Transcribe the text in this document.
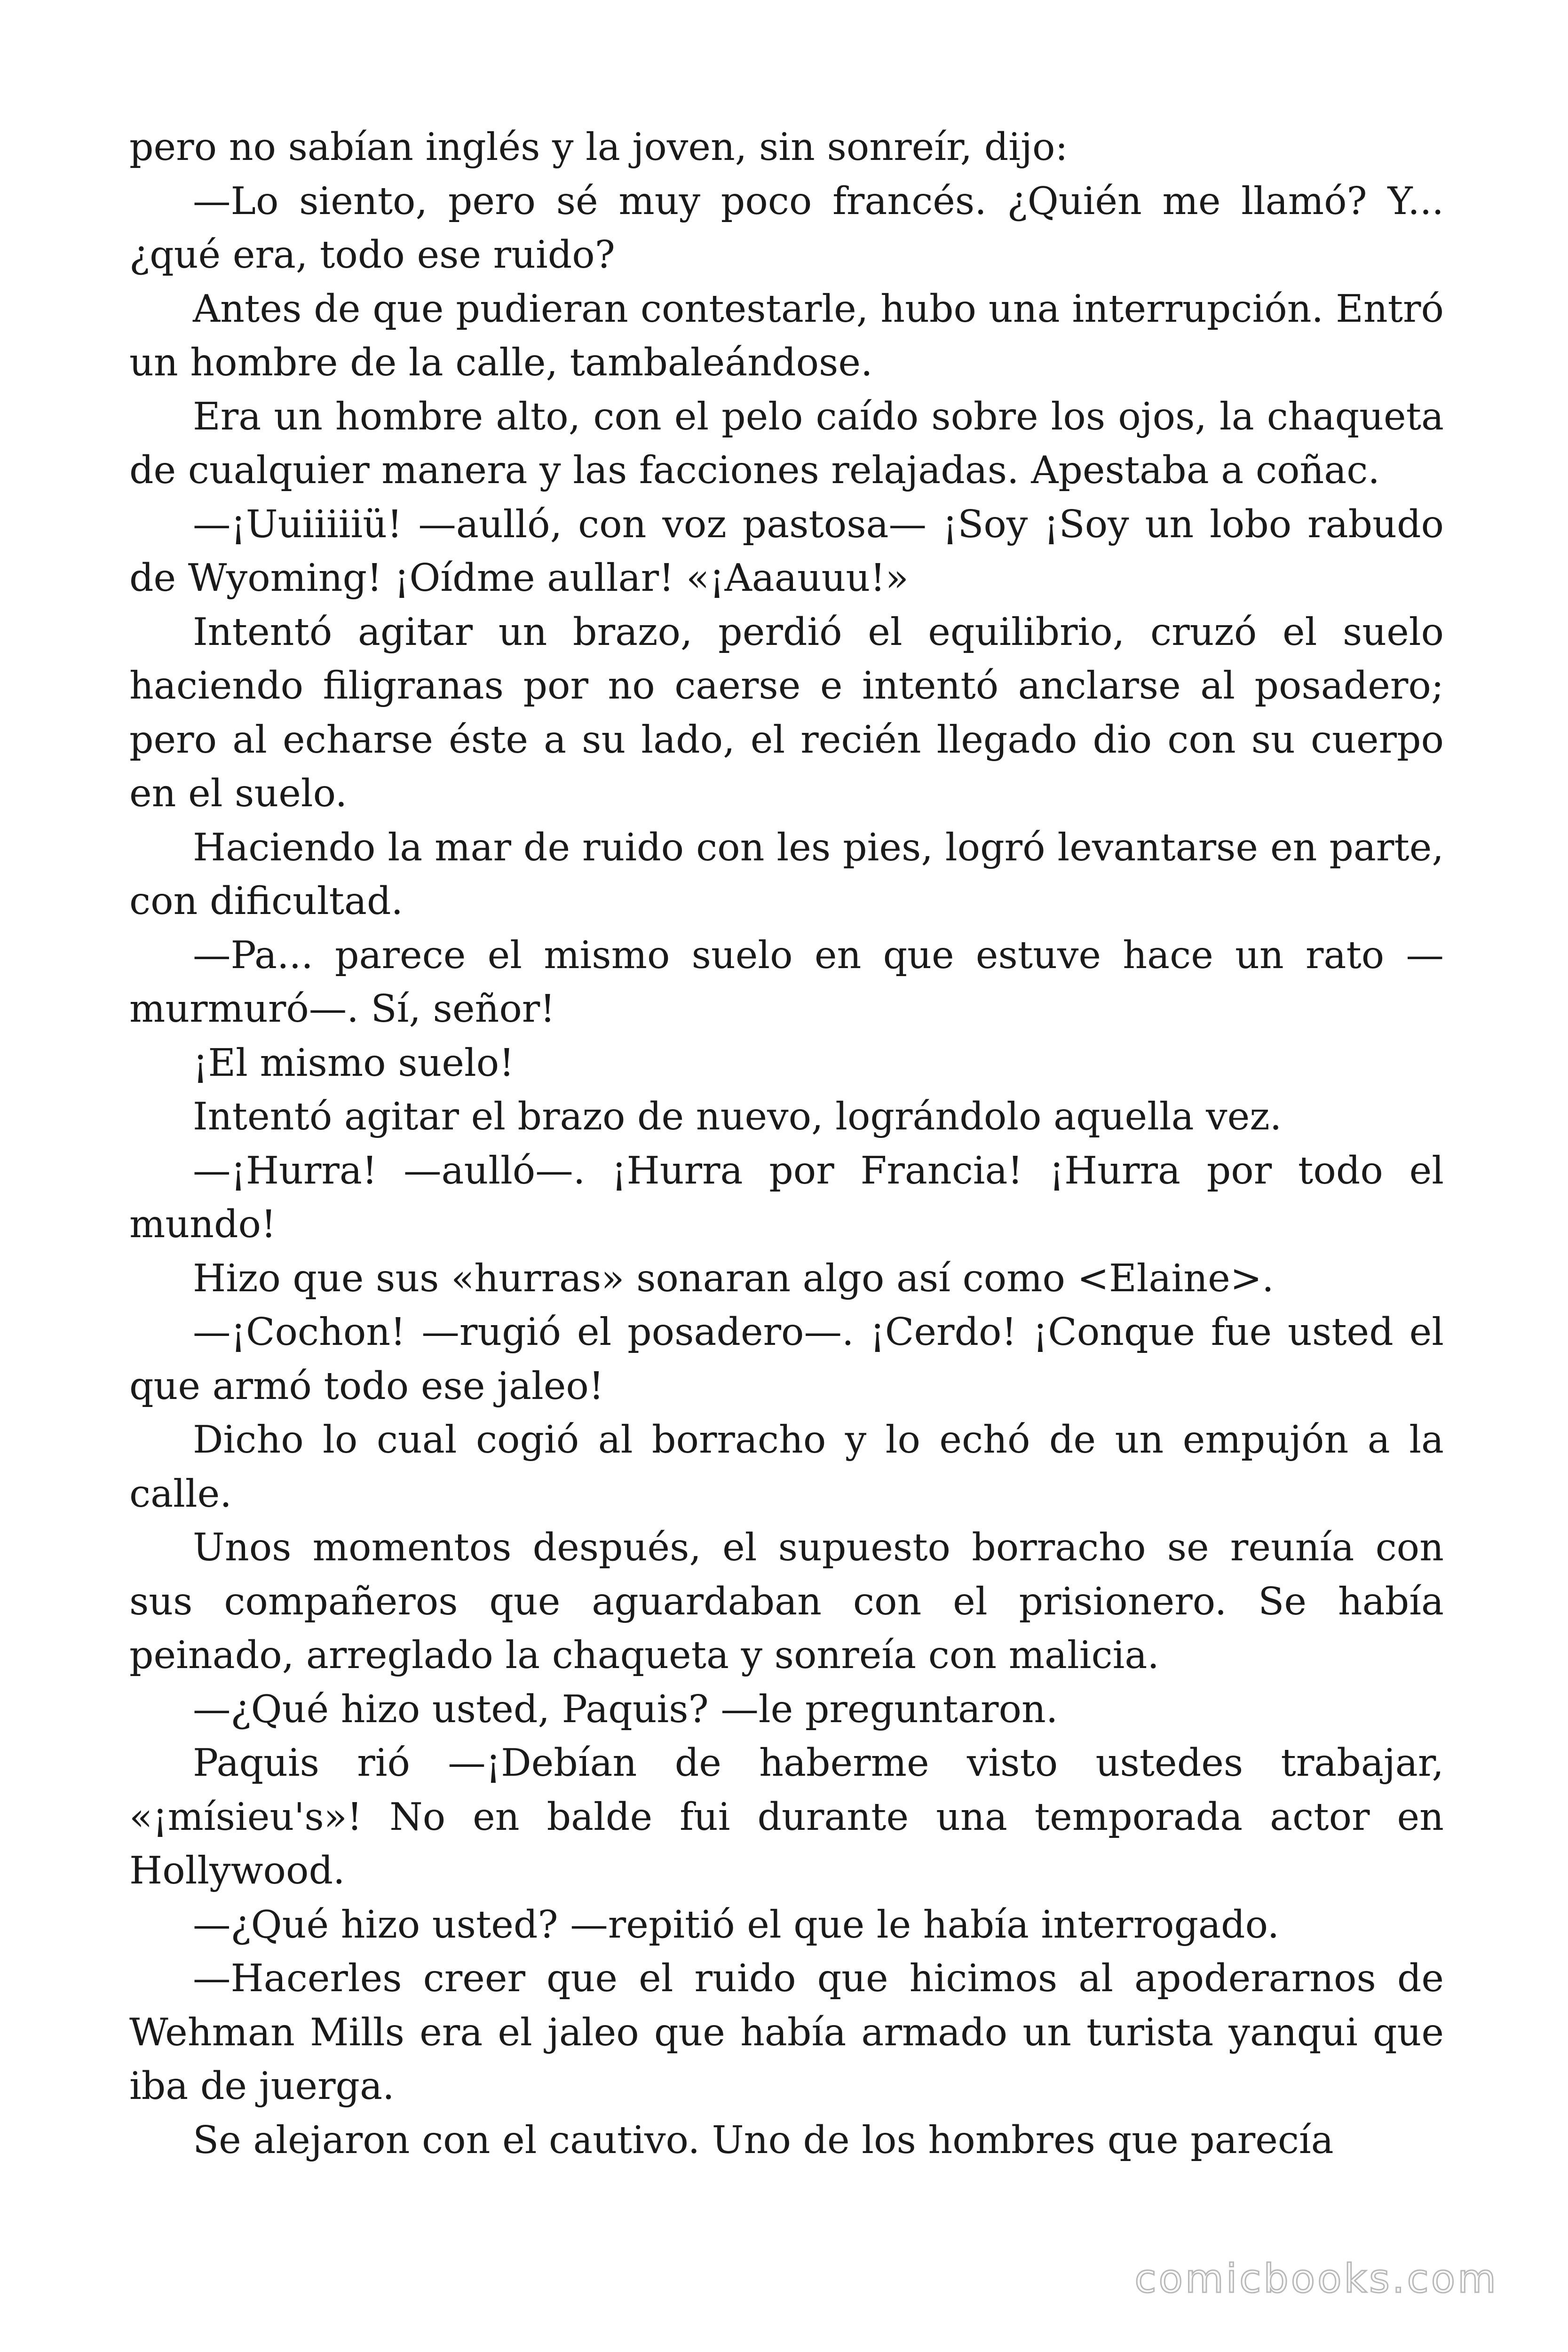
pero no sabían inglés y la joven, sin sonreír, dijo:

—Lo siento, pero sé muy poco francés. ¿Quién me llamó? Y... ¿qué era, todo ese ruido?

Antes de que pudieran contestarle, hubo una interrupción. Entró un hombre de la calle, tambaleándose.

Era un hombre alto, con el pelo caído sobre los ojos, la chaqueta de cualquier manera y las facciones relajadas. Apestaba a coñac.

—¡Uuiiiiiü! —aulló, con voz pastosa— ¡Soy ¡Soy un lobo rabudo de Wyoming! ¡Oídme aullar! «¡Aaauuu!»

Intentó agitar un brazo, perdió el equilibrio, cruzó el suelo haciendo filigranas por no caerse e intentó anclarse al posadero; pero al echarse éste a su lado, el recién llegado dio con su cuerpo en el suelo.

Haciendo la mar de ruido con les pies, logró levantarse en parte, con dificultad.

—Pa... parece el mismo suelo en que estuve hace un rato —murmuró—. Sí, señor!

¡El mismo suelo!

Intentó agitar el brazo de nuevo, lográndolo aquella vez.

—¡Hurra! —aulló—. ¡Hurra por Francia! ¡Hurra por todo el mundo!

Hizo que sus «hurras» sonaran algo así como <Elaine>.

—¡Cochon! —rugió el posadero—. ¡Cerdo! ¡Conque fue usted el que armó todo ese jaleo!

Dicho lo cual cogió al borracho y lo echó de un empujón a la calle.

Unos momentos después, el supuesto borracho se reunía con sus compañeros que aguardaban con el prisionero. Se había peinado, arreglado la chaqueta y sonreía con malicia.

—¿Qué hizo usted, Paquis? —le preguntaron.

Paquis rió —¡Debían de haberme visto ustedes trabajar, «¡mísieu's»! No en balde fui durante una temporada actor en Hollywood.

—¿Qué hizo usted? —repitió el que le había interrogado.

—Hacerles creer que el ruido que hicimos al apoderarnos de Wehman Mills era el jaleo que había armado un turista yanqui que iba de juerga.

Se alejaron con el cautivo. Uno de los hombres que parecía

comicbooks.com
